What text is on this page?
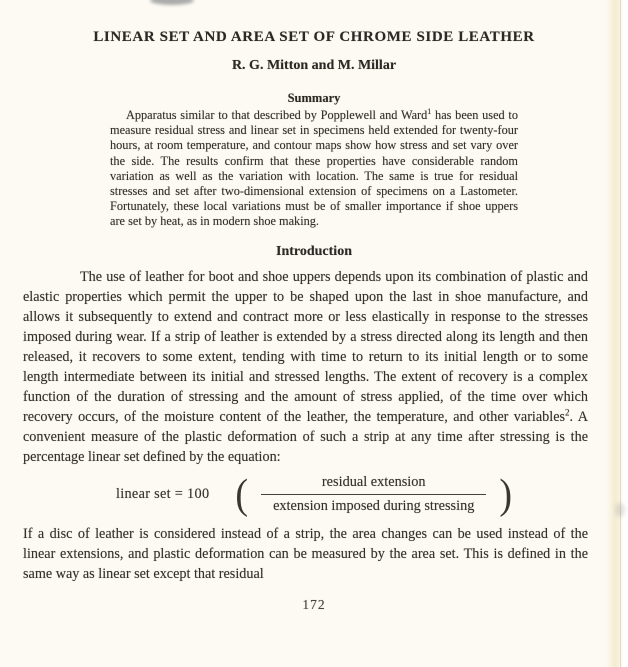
LINEAR SET AND AREA SET OF CHROME SIDE LEATHER
R. G. Mitton and M. Millar
Summary

Apparatus similar to that described by Popplewell and Ward$^1$ has been used to measure residual stress and linear set in specimens held extended for twenty-four hours, at room temperature, and contour maps show how stress and set vary over the side. The results confirm that these properties have considerable random variation as well as the variation with location. The same is true for residual stresses and set after two-dimensional extension of specimens on a Lastometer. Fortunately, these local variations must be of smaller importance if shoe uppers are set by heat, as in modern shoe making.

Introduction

The use of leather for boot and shoe uppers depends upon its combination of plastic and elastic properties which permit the upper to be shaped upon the last in shoe manufacture, and allows it subsequently to extend and contract more or less elastically in response to the stresses imposed during wear. If a strip of leather is extended by a stress directed along its length and then released, it recovers to some extent, tending with time to return to its initial length or to some length intermediate between its initial and stressed lengths. The extent of recovery is a complex function of the duration of stressing and the amount of stress applied, of the time over which recovery occurs, of the moisture content of the leather, the temperature, and other variables$^2$. A convenient measure of the plastic deformation of such a strip at any time after stressing is the percentage linear set defined by the equation:

linear set = 100 ( $\frac{\text{residual extension}}{\text{extension imposed during stressing}}$ )

If a disc of leather is considered instead of a strip, the area changes can be used instead of the linear extensions, and plastic deformation can be measured by the area set. This is defined in the same way as linear set except that residual

172
